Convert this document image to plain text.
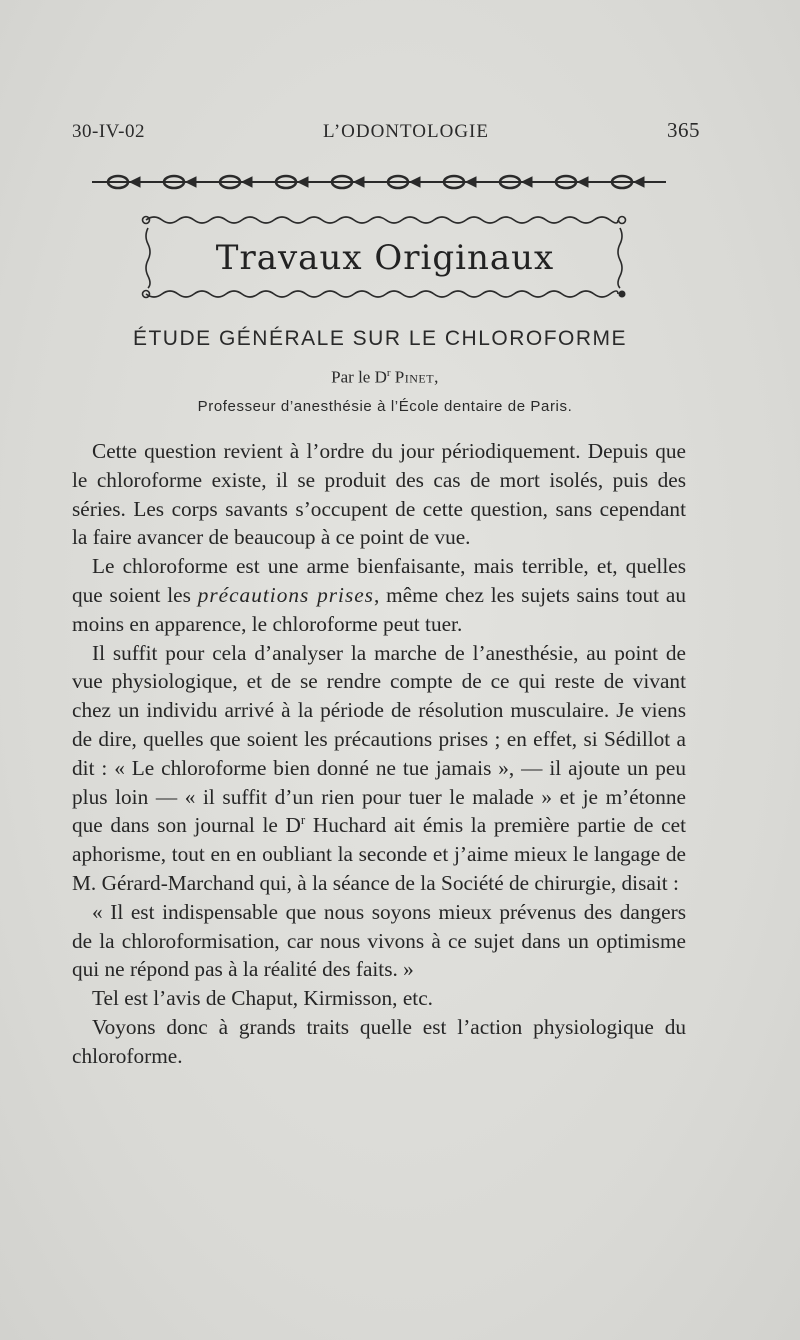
30-IV-02	L’ODONTOLOGIE	365
Travaux Originaux
ÉTUDE GÉNÉRALE SUR LE CHLOROFORME
Par le $D^r$ Pinet,
Professeur d’anesthésie à l’École dentaire de Paris.

Cette question revient à l’ordre du jour périodiquement. Depuis que le chloroforme existe, il se produit des cas de mort isolés, puis des séries. Les corps savants s’occupent de cette question, sans cependant la faire avancer de beaucoup à ce point de vue.

Le chloroforme est une arme bienfaisante, mais terrible, et, quelles que soient les précautions prises, même chez les sujets sains tout au moins en apparence, le chloroforme peut tuer.

Il suffit pour cela d’analyser la marche de l’anesthésie, au point de vue physiologique, et de se rendre compte de ce qui reste de vivant chez un individu arrivé à la période de résolution musculaire. Je viens de dire, quelles que soient les précautions prises ; en effet, si Sédillot a dit : « Le chloroforme bien donné ne tue jamais », — il ajoute un peu plus loin — « il suffit d’un rien pour tuer le malade » et je m’étonne que dans son journal le $D^r$ Huchard ait émis la première partie de cet aphorisme, tout en en oubliant la seconde et j’aime mieux le langage de M. Gérard-Marchand qui, à la séance de la Société de chirurgie, disait :

« Il est indispensable que nous soyons mieux prévenus des dangers de la chloroformisation, car nous vivons à ce sujet dans un optimisme qui ne répond pas à la réalité des faits. »

Tel est l’avis de Chaput, Kirmisson, etc.

Voyons donc à grands traits quelle est l’action physiologique du chloroforme.
